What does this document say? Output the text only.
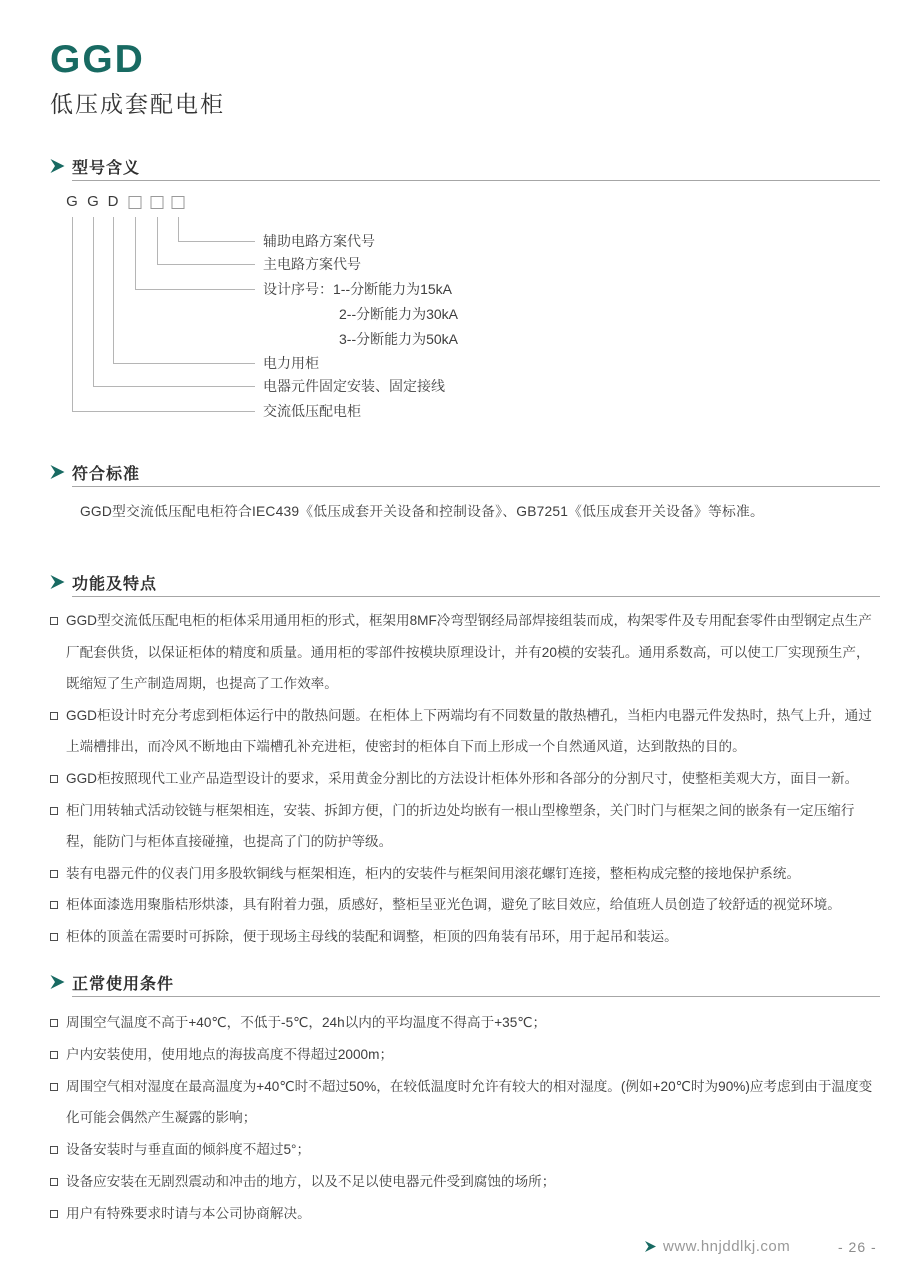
GGD
低压成套配电柜
型号含义
G G D
辅助电路方案代号
主电路方案代号
设计序号：1--分断能力为15kA
2--分断能力为30kA
3--分断能力为50kA
电力用柜
电器元件固定安装、固定接线
交流低压配电柜
符合标准
GGD型交流低压配电柜符合IEC439《低压成套开关设备和控制设备》、GB7251《低压成套开关设备》等标准。
功能及特点
GGD型交流低压配电柜的柜体采用通用柜的形式，框架用8MF冷弯型钢经局部焊接组装而成，构架零件及专用配套零件由型钢定点生产厂配套供货，以保证柜体的精度和质量。通用柜的零部件按模块原理设计，并有20模的安装孔。通用系数高，可以使工厂实现预生产，既缩短了生产制造周期，也提高了工作效率。
GGD柜设计时充分考虑到柜体运行中的散热问题。在柜体上下两端均有不同数量的散热槽孔，当柜内电器元件发热时，热气上升，通过上端槽排出，而冷风不断地由下端槽孔补充进柜，使密封的柜体自下而上形成一个自然通风道，达到散热的目的。
GGD柜按照现代工业产品造型设计的要求，采用黄金分割比的方法设计柜体外形和各部分的分割尺寸，使整柜美观大方，面目一新。
柜门用转轴式活动铰链与框架相连，安装、拆卸方便，门的折边处均嵌有一根山型橡塑条，关门时门与框架之间的嵌条有一定压缩行程，能防门与柜体直接碰撞，也提高了门的防护等级。
装有电器元件的仪表门用多股软铜线与框架相连，柜内的安装件与框架间用滚花螺钉连接，整柜构成完整的接地保护系统。
柜体面漆选用聚脂桔形烘漆，具有附着力强，质感好，整柜呈亚光色调，避免了眩目效应，给值班人员创造了较舒适的视觉环境。
柜体的顶盖在需要时可拆除，便于现场主母线的装配和调整，柜顶的四角装有吊环，用于起吊和装运。
正常使用条件
周围空气温度不高于+40℃，不低于-5℃，24h以内的平均温度不得高于+35℃；
户内安装使用，使用地点的海拔高度不得超过2000m；
周围空气相对湿度在最高温度为+40℃时不超过50%，在较低温度时允许有较大的相对湿度。(例如+20℃时为90%)应考虑到由于温度变化可能会偶然产生凝露的影响；
设备安装时与垂直面的倾斜度不超过5°；
设备应安装在无剧烈震动和冲击的地方，以及不足以使电器元件受到腐蚀的场所；
用户有特殊要求时请与本公司协商解决。
www.hnjddlkj.com	- 26 -
